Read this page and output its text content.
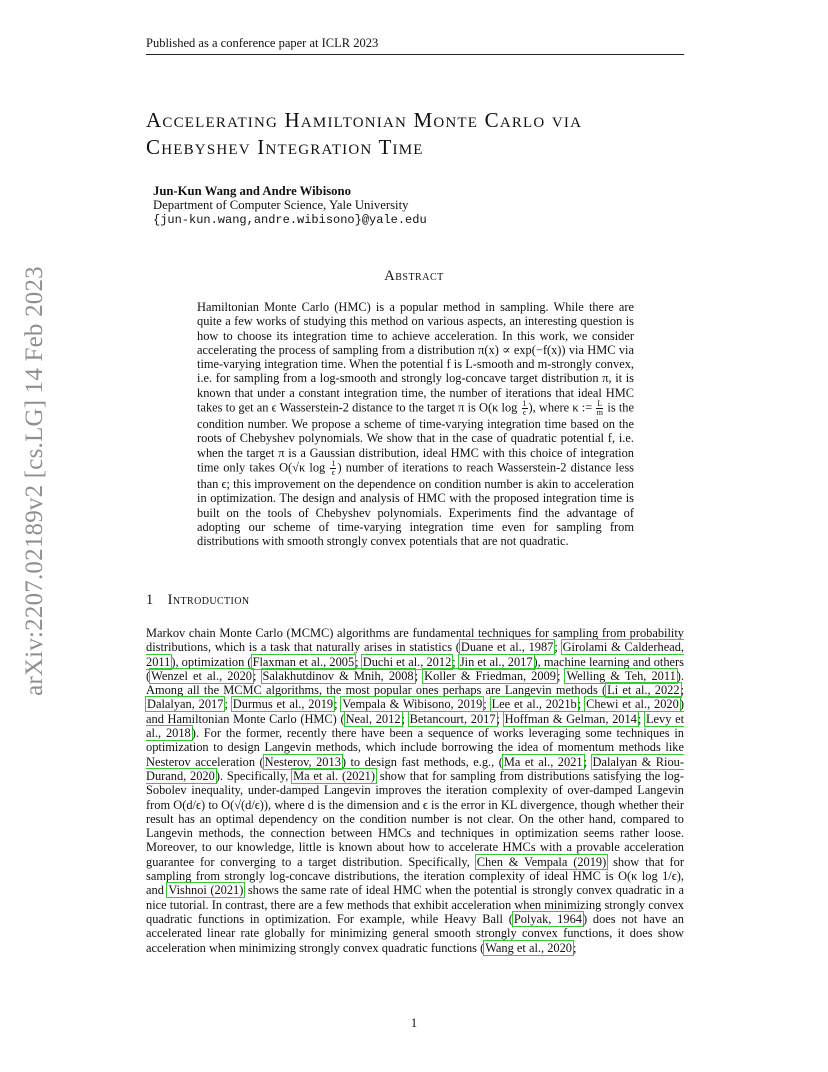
Published as a conference paper at ICLR 2023
arXiv:2207.02189v2 [cs.LG] 14 Feb 2023
Accelerating Hamiltonian Monte Carlo via
Chebyshev Integration Time
Jun-Kun Wang and Andre Wibisono
Department of Computer Science, Yale University
{jun-kun.wang,andre.wibisono}@yale.edu
Abstract

Hamiltonian Monte Carlo (HMC) is a popular method in sampling. While there are quite a few works of studying this method on various aspects, an interesting question is how to choose its integration time to achieve acceleration. In this work, we consider accelerating the process of sampling from a distribution π(x) ∝ exp(−f(x)) via HMC via time-varying integration time. When the potential f is L-smooth and m-strongly convex, i.e. for sampling from a log-smooth and strongly log-concave target distribution π, it is known that under a constant integration time, the number of iterations that ideal HMC takes to get an ϵ Wasserstein-2 distance to the target π is O(κ $\log \frac{1}{\epsilon}$ ), where κ := $\frac{L}{m}$ is the condition number. We propose a scheme of time-varying integration time based on the roots of Chebyshev polynomials. We show that in the case of quadratic potential f, i.e. when the target π is a Gaussian distribution, ideal HMC with this choice of integration time only takes O(√κ $\log \frac{1}{\epsilon}$ ) number of iterations to reach Wasserstein-2 distance less than ϵ; this improvement on the dependence on condition number is akin to acceleration in optimization. The design and analysis of HMC with the proposed integration time is built on the tools of Chebyshev polynomials. Experiments find the advantage of adopting our scheme of time-varying integration time even for sampling from distributions with smooth strongly convex potentials that are not quadratic.

1 Introduction

Markov chain Monte Carlo (MCMC) algorithms are fundamental techniques for sampling from probability distributions, which is a task that naturally arises in statistics (Duane et al., 1987; Girolami & Calderhead, 2011), optimization (Flaxman et al., 2005; Duchi et al., 2012; Jin et al., 2017), machine learning and others (Wenzel et al., 2020; Salakhutdinov & Mnih, 2008; Koller & Friedman, 2009; Welling & Teh, 2011). Among all the MCMC algorithms, the most popular ones perhaps are Langevin methods (Li et al., 2022; Dalalyan, 2017; Durmus et al., 2019; Vempala & Wibisono, 2019; Lee et al., 2021b; Chewi et al., 2020) and Hamiltonian Monte Carlo (HMC) (Neal, 2012; Betancourt, 2017; Hoffman & Gelman, 2014; Levy et al., 2018). For the former, recently there have been a sequence of works leveraging some techniques in optimization to design Langevin methods, which include borrowing the idea of momentum methods like Nesterov acceleration (Nesterov, 2013) to design fast methods, e.g., (Ma et al., 2021; Dalalyan & Riou-Durand, 2020). Specifically, Ma et al. (2021) show that for sampling from distributions satisfying the log-Sobolev inequality, under-damped Langevin improves the iteration complexity of over-damped Langevin from O(d/ϵ) to O(√(d/ϵ)), where d is the dimension and ϵ is the error in KL divergence, though whether their result has an optimal dependency on the condition number is not clear. On the other hand, compared to Langevin methods, the connection between HMCs and techniques in optimization seems rather loose. Moreover, to our knowledge, little is known about how to accelerate HMCs with a provable acceleration guarantee for converging to a target distribution. Specifically, Chen & Vempala (2019) show that for sampling from strongly log-concave distributions, the iteration complexity of ideal HMC is O(κ log 1/ϵ), and Vishnoi (2021) shows the same rate of ideal HMC when the potential is strongly convex quadratic in a nice tutorial. In contrast, there are a few methods that exhibit acceleration when minimizing strongly convex quadratic functions in optimization. For example, while Heavy Ball (Polyak, 1964) does not have an accelerated linear rate globally for minimizing general smooth strongly convex functions, it does show acceleration when minimizing strongly convex quadratic functions (Wang et al., 2020;

1
